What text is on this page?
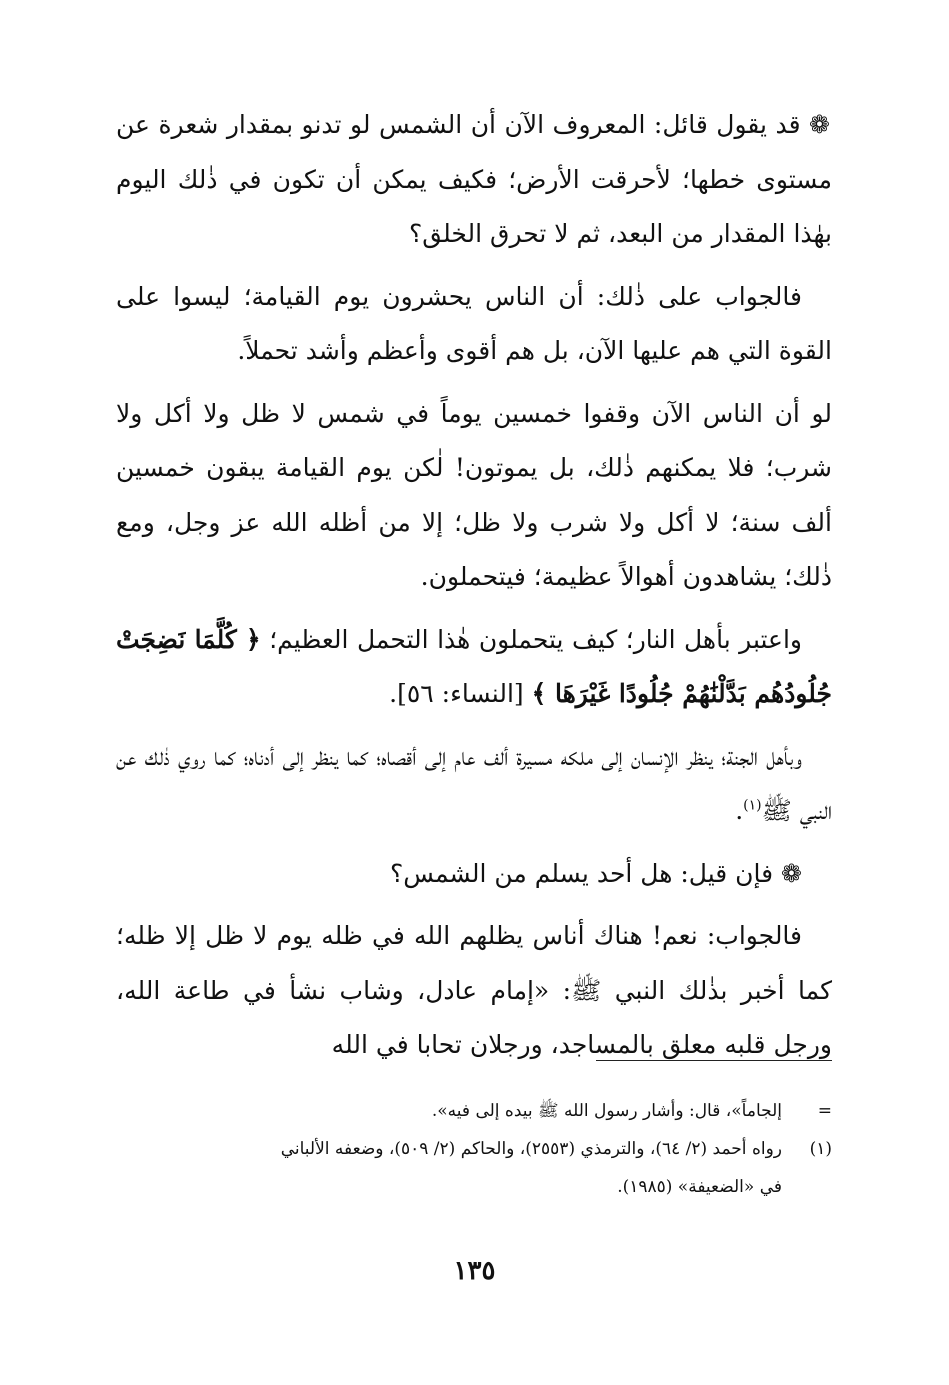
❁ قد يقول قائل: المعروف الآن أن الشمس لو تدنو بمقدار شعرة عن مستوى خطها؛ لأحرقت الأرض؛ فكيف يمكن أن تكون في ذٰلك اليوم بهٰذا المقدار من البعد، ثم لا تحرق الخلق؟

فالجواب على ذٰلك: أن الناس يحشرون يوم القيامة؛ ليسوا على القوة التي هم عليها الآن، بل هم أقوى وأعظم وأشد تحملاً.

لو أن الناس الآن وقفوا خمسين يوماً في شمس لا ظل ولا أكل ولا شرب؛ فلا يمكنهم ذٰلك، بل يموتون! لٰكن يوم القيامة يبقون خمسين ألف سنة؛ لا أكل ولا شرب ولا ظل؛ إلا من أظله الله عز وجل، ومع ذٰلك؛ يشاهدون أهوالاً عظيمة؛ فيتحملون.

واعتبر بأهل النار؛ كيف يتحملون هٰذا التحمل العظيم؛ ﴿ كُلَّمَا نَضِجَتْ جُلُودُهُم بَدَّلْنَٰهُمْ جُلُودًا غَيْرَهَا ﴾ [النساء: ٥٦].

وبأهل الجنة؛ ينظر الإنسان إلى ملكه مسيرة ألف عام إلى أقصاه؛ كما ينظر إلى أدناه؛ كما روي ذٰلك عن النبي ﷺ$^{(١)}$.

❁ فإن قيل: هل أحد يسلم من الشمس؟

فالجواب: نعم! هناك أناس يظلهم الله في ظله يوم لا ظل إلا ظله؛ كما أخبر بذٰلك النبي ﷺ: «إمام عادل، وشاب نشأ في طاعة الله، ورجل قلبه معلق بالمساجد، ورجلان تحابا في الله

=إلجاماً»، قال: وأشار رسول الله ﷺ بيده إلى فيه».

(١)رواه أحمد (٢/ ٦٤)، والترمذي (٢٥٥٣)، والحاكم (٢/ ٥٠٩)، وضعفه الألباني

في «الضعيفة» (١٩٨٥).

١٣٥
